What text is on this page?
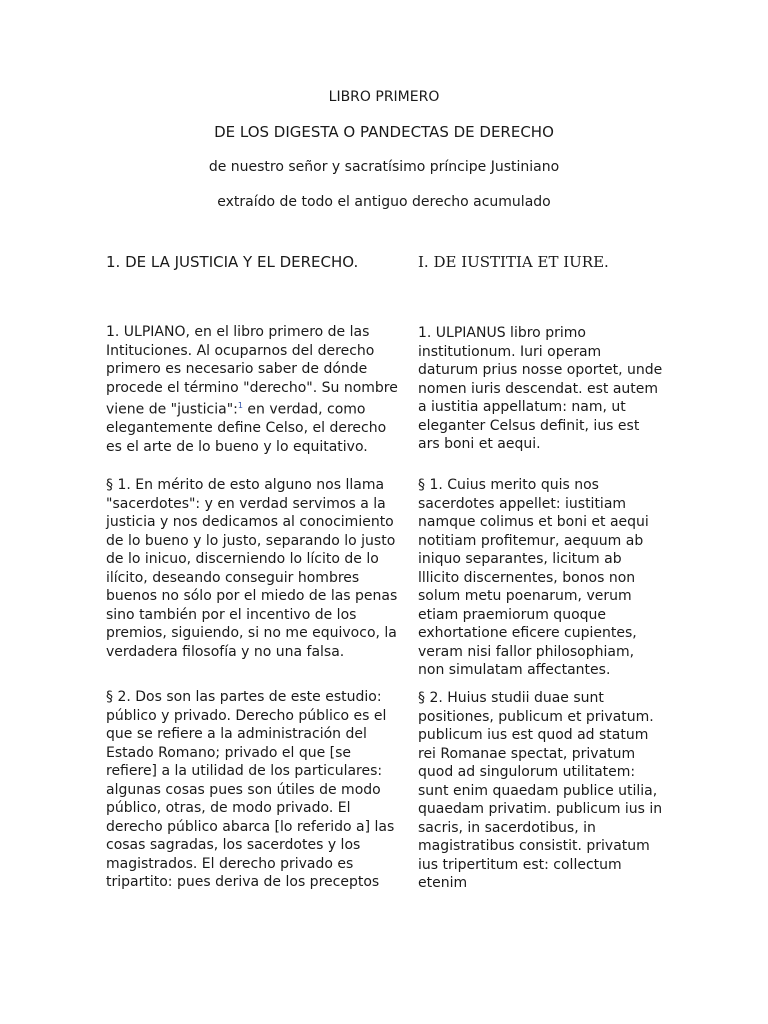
LIBRO PRIMERO

DE LOS DIGESTA O PANDECTAS DE DERECHO

de nuestro señor y sacratísimo príncipe Justiniano

extraído de todo el antiguo derecho acumulado

1. DE LA JUSTICIA Y EL DERECHO.	I. DE IUSTITIA ET IURE.

1. ULPIANO, en el libro primero de las Intituciones. Al ocuparnos del derecho primero es necesario saber de dónde procede el término "derecho". Su nombre viene de "justicia":$^1$ en verdad, como elegantemente define Celso, el derecho es el arte de lo bueno y lo equitativo.

§ 1. En mérito de esto alguno nos llama "sacerdotes": y en verdad servimos a la justicia y nos dedicamos al conocimiento de lo bueno y lo justo, separando lo justo de lo inicuo, discerniendo lo lícito de lo ilícito, deseando conseguir hombres buenos no sólo por el miedo de las penas sino también por el incentivo de los premios, siguiendo, si no me equivoco, la verdadera filosofía y no una falsa.

§ 2. Dos son las partes de este estudio: público y privado. Derecho público es el que se refiere a la administración del Estado Romano; privado el que [se refiere] a la utilidad de los particulares: algunas cosas pues son útiles de modo público, otras, de modo privado. El derecho público abarca [lo referido a] las cosas sagradas, los sacerdotes y los magistrados. El derecho privado es tripartito: pues deriva de los preceptos

1. ULPIANUS libro primo institutionum. Iuri operam daturum prius nosse oportet, unde nomen iuris descendat. est autem a iustitia appellatum: nam, ut eleganter Celsus definit, ius est ars boni et aequi.

§ 1. Cuius merito quis nos sacerdotes appellet: iustitiam namque colimus et boni et aequi notitiam profitemur, aequum ab iniquo separantes, licitum ab lllicito discernentes, bonos non solum metu poenarum, verum etiam praemiorum quoque exhortatione eficere cupientes, veram nisi fallor philosophiam, non simulatam affectantes.

§ 2. Huius studii duae sunt positiones, publicum et privatum. publicum ius est quod ad statum rei Romanae spectat, privatum quod ad singulorum utilitatem: sunt enim quaedam publice utilia, quaedam privatim. publicum ius in sacris, in sacerdotibus, in magistratibus consistit. privatum ius tripertitum est: collectum etenim
